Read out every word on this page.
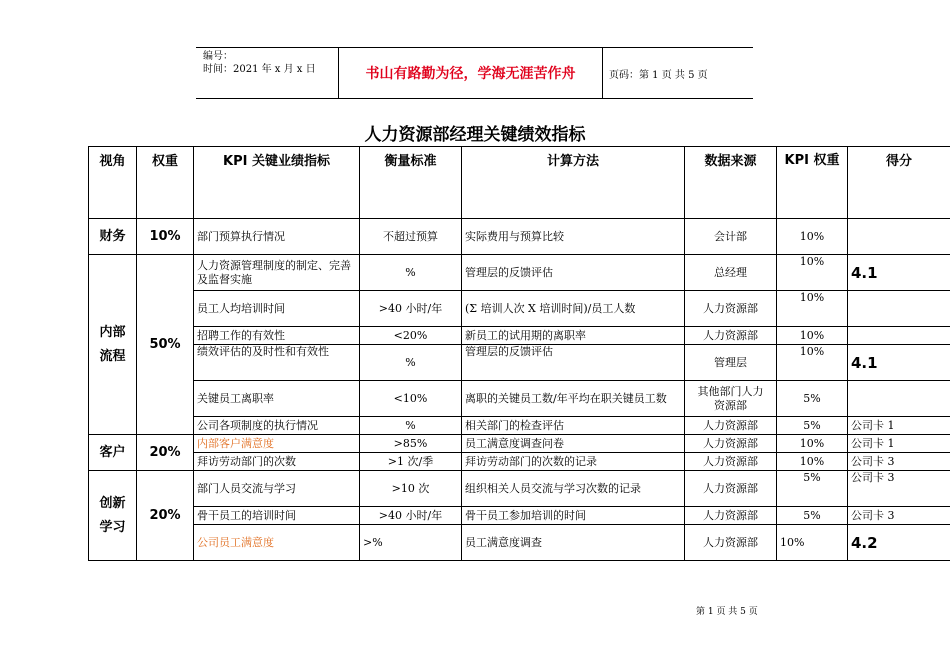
编号：
时间：2021 年 x 月 x 日	书山有路勤为径，学海无涯苦作舟	页码：第 1 页 共 5 页
人力资源部经理关键绩效指标
视角	权重	KPI 关键业绩指标	衡量标准	计算方法	数据来源	KPI 权重	得分
财务	10%	部门预算执行情况	不超过预算	实际费用与预算比较	会计部	10%	

内部
流程	50%	人力资源管理制度的制定、完善及监督实施	%	管理层的反馈评估	总经理	10%	4.1
		员工人均培训时间	>40 小时/年	(Σ 培训人次 X 培训时间)/员工人数	人力资源部	10%	
		招聘工作的有效性	<20%	新员工的试用期的离职率	人力资源部	10%	
		绩效评估的及时性和有效性	%	管理层的反馈评估	管理层	10%	4.1
		关键员工离职率	<10%	离职的关键员工数/年平均在职关键员工数	其他部门人力资源部	5%	
		公司各项制度的执行情况	%	相关部门的检查评估	人力资源部	5%	公司卡 1
客户	20%	内部客户满意度	>85%	员工满意度调查问卷	人力资源部	10%	公司卡 1
		拜访劳动部门的次数	>1 次/季	拜访劳动部门的次数的记录	人力资源部	10%	公司卡 3

创新
学习	20%	部门人员交流与学习	>10 次	组织相关人员交流与学习次数的记录	人力资源部	5%	公司卡 3
		骨干员工的培训时间	>40 小时/年	骨干员工参加培训的时间	人力资源部	5%	公司卡 3
		公司员工满意度	>%	员工满意度调查	人力资源部	10%	4.2
第 1 页 共 5 页
